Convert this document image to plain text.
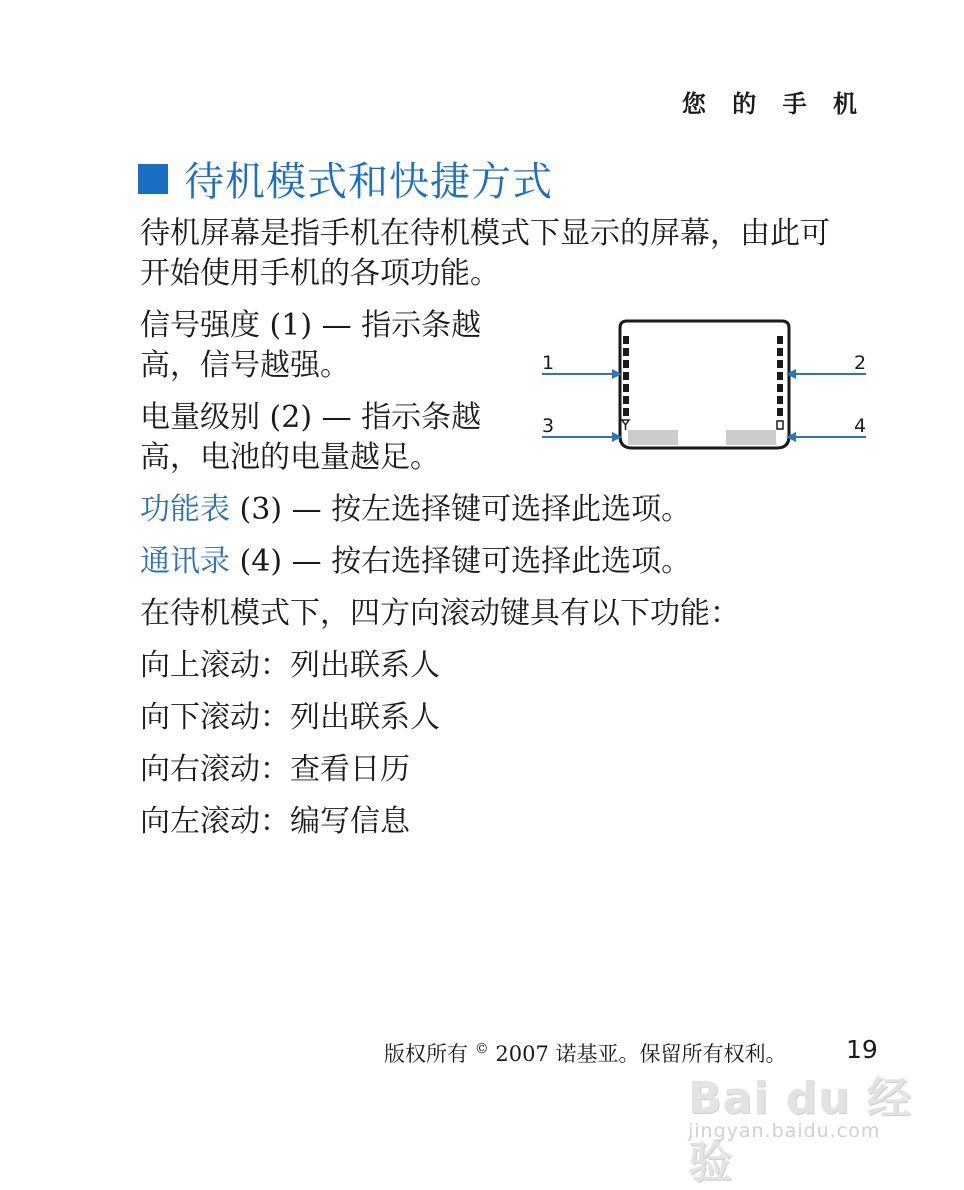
您 的 手 机
待机模式和快捷方式
待机屏幕是指手机在待机模式下显示的屏幕，由此可
开始使用手机的各项功能。
信号强度 (1) — 指示条越
高，信号越强。
电量级别 (2) — 指示条越
高，电池的电量越足。
1	2
3	4
功能表 (3) — 按左选择键可选择此选项。
通讯录 (4) — 按右选择键可选择此选项。
在待机模式下，四方向滚动键具有以下功能：
向上滚动：列出联系人
向下滚动：列出联系人
向右滚动：查看日历
向左滚动：编写信息
版权所有 © 2007 诺基亚。保留所有权利。 19
Bai du 经验
jingyan.baidu.com
